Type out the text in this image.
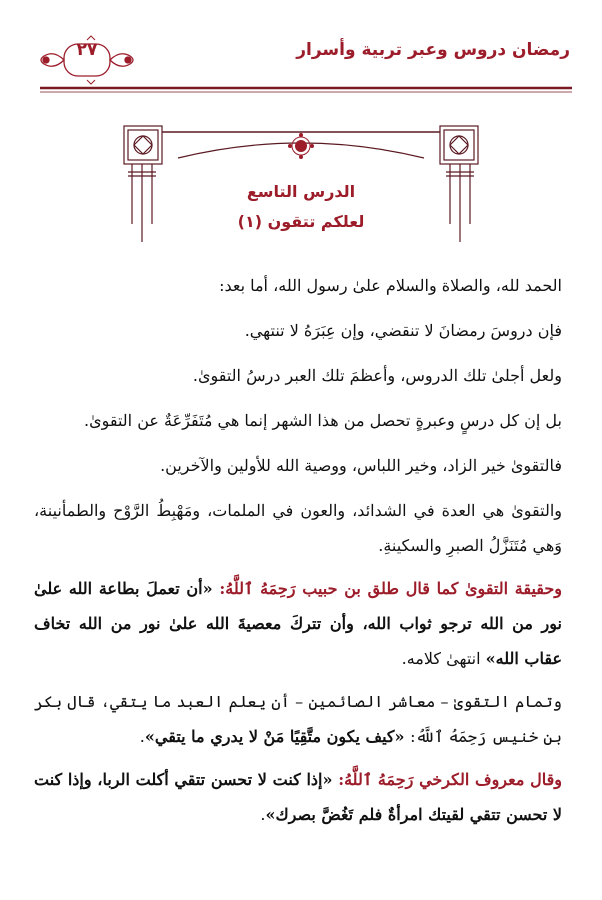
رمضان دروس وعبر تربية وأسرار
٢٧
الدرس التاسع
لعلكم تتقون (١)

الحمد لله، والصلاة والسلام علىٰ رسول الله، أما بعد:

فإن دروسَ رمضانَ لا تنقضي، وإن عِبَرَهُ لا تنتهي.

ولعل أجلىٰ تلك الدروس، وأعظمَ تلك العبر درسُ التقوىٰ.

بل إن كل درسٍ وعبرةٍ تحصل من هذا الشهر إنما هي مُتَفَرِّعَةٌ عن التقوىٰ.

فالتقوىٰ خير الزاد، وخير اللباس، ووصية الله للأولين والآخرين.

والتقوىٰ هي العدة في الشدائد، والعون في الملمات، ومَهْبِطُ الرَّوْح والطمأنينة، وَهي مُتَنَزَّلُ الصبرِ والسكينةِ.

وحقيقة التقوىٰ كما قال طلق بن حبيب رَحِمَهُ ٱللَّهُ: «أن تعملَ بطاعة الله علىٰ نور من الله ترجو ثواب الله، وأن تتركَ معصيةَ الله علىٰ نور من الله تخاف عقاب الله» انتهىٰ كلامه.

وتمام التقوىٰ – معاشر الصائمين – أن يعلم العبد ما يتقي، قال بكر بن خنيس رَحِمَهُ ٱللَّهُ: «كيف يكون متَّقِيًا مَنْ لا يدري ما يتقي».

وقال معروف الكرخي رَحِمَهُ ٱللَّهُ: «إذا كنت لا تحسن تتقي أكلت الربا، وإذا كنت لا تحسن تتقي لقيتك امرأةٌ فلم تَغُضَّ بصرك».
